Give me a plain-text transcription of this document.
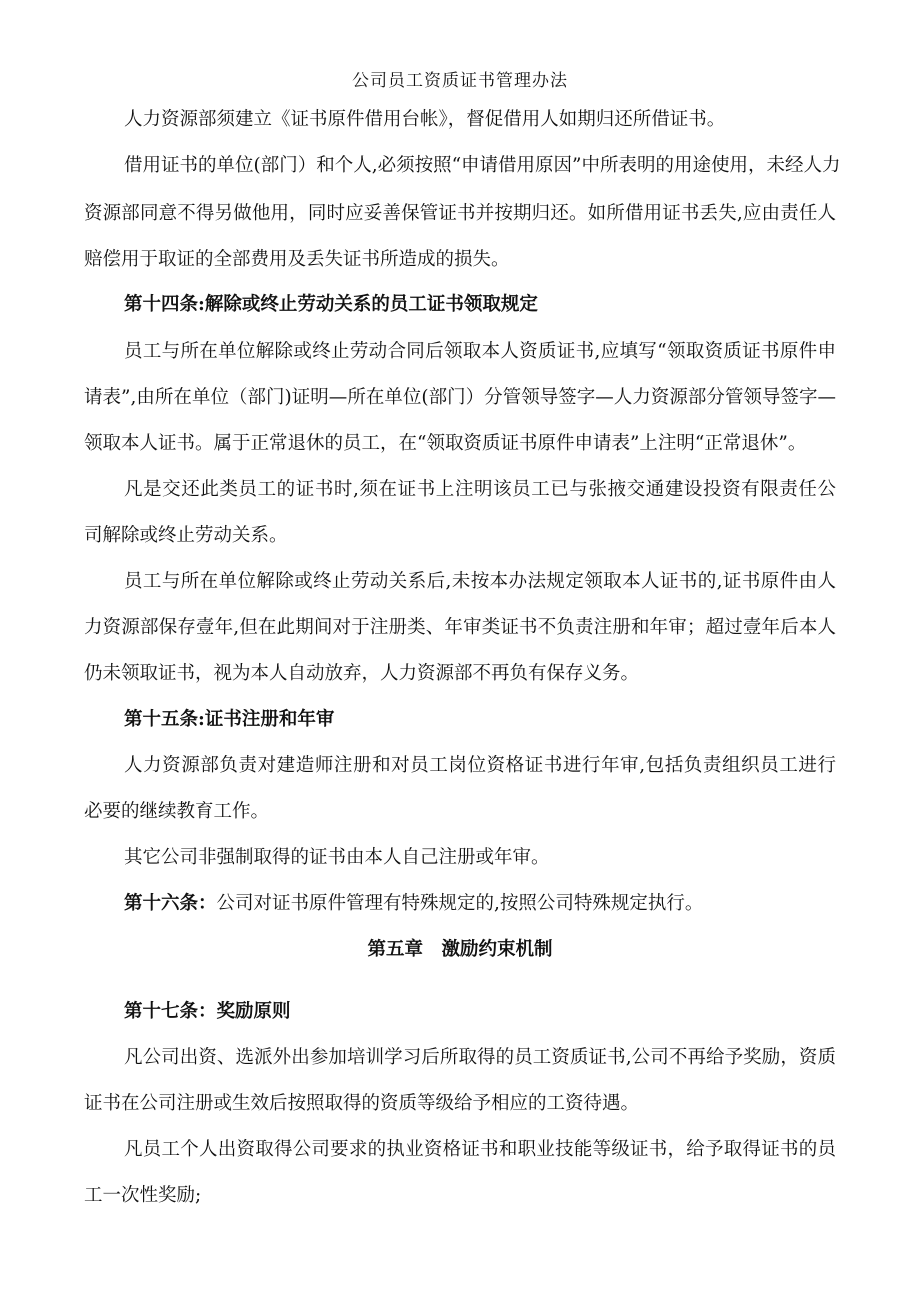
公司员工资质证书管理办法
人力资源部须建立《证书原件借用台帐》，督促借用人如期归还所借证书。
借用证书的单位(部门）和个人,必须按照“申请借用原因”中所表明的用途使用，未经人力
资源部同意不得另做他用，同时应妥善保管证书并按期归还。如所借用证书丢失,应由责任人
赔偿用于取证的全部费用及丢失证书所造成的损失。
第十四条:解除或终止劳动关系的员工证书领取规定
员工与所在单位解除或终止劳动合同后领取本人资质证书,应填写“领取资质证书原件申
请表”,由所在单位（部门)证明—所在单位(部门）分管领导签字—人力资源部分管领导签字—
领取本人证书。属于正常退休的员工，在“领取资质证书原件申请表”上注明“正常退休”。
凡是交还此类员工的证书时,须在证书上注明该员工已与张掖交通建设投资有限责任公
司解除或终止劳动关系。
员工与所在单位解除或终止劳动关系后,未按本办法规定领取本人证书的,证书原件由人
力资源部保存壹年,但在此期间对于注册类、年审类证书不负责注册和年审；超过壹年后本人
仍未领取证书，视为本人自动放弃，人力资源部不再负有保存义务。
第十五条:证书注册和年审
人力资源部负责对建造师注册和对员工岗位资格证书进行年审,包括负责组织员工进行
必要的继续教育工作。
其它公司非强制取得的证书由本人自己注册或年审。
第十六条：公司对证书原件管理有特殊规定的,按照公司特殊规定执行。
第五章　激励约束机制
第十七条：奖励原则
凡公司出资、选派外出参加培训学习后所取得的员工资质证书,公司不再给予奖励，资质
证书在公司注册或生效后按照取得的资质等级给予相应的工资待遇。
凡员工个人出资取得公司要求的执业资格证书和职业技能等级证书，给予取得证书的员
工一次性奖励;
